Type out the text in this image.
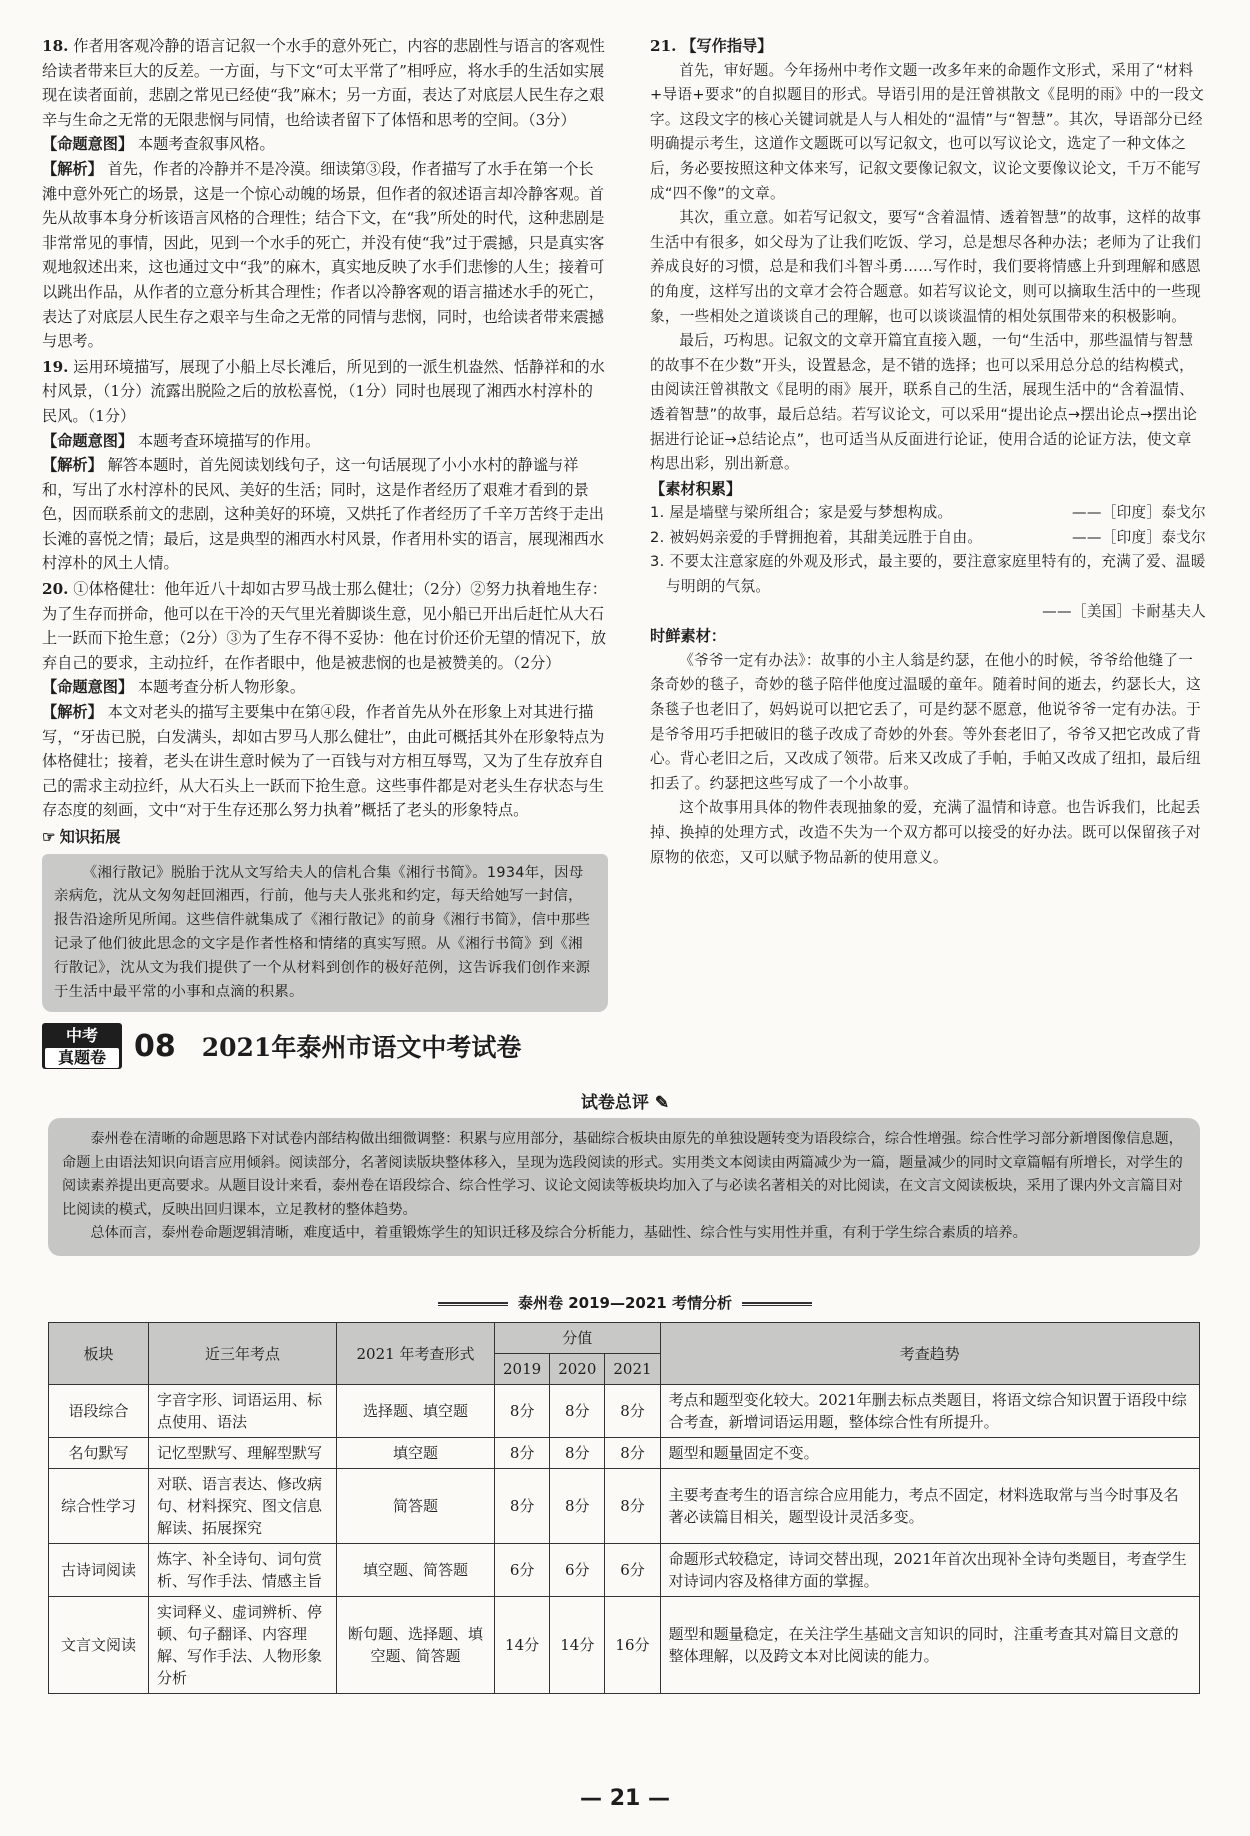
18. 作者用客观冷静的语言记叙一个水手的意外死亡，内容的悲剧性与语言的客观性给读者带来巨大的反差。一方面，与下文“可太平常了”相呼应，将水手的生活如实展现在读者面前，悲剧之常见已经使“我”麻木；另一方面，表达了对底层人民生存之艰辛与生命之无常的无限悲悯与同情，也给读者留下了体悟和思考的空间。（3分）
【命题意图】 本题考查叙事风格。
【解析】 首先，作者的冷静并不是冷漠。细读第③段，作者描写了水手在第一个长滩中意外死亡的场景，这是一个惊心动魄的场景，但作者的叙述语言却冷静客观。首先从故事本身分析该语言风格的合理性；结合下文，在“我”所处的时代，这种悲剧是非常常见的事情，因此，见到一个水手的死亡，并没有使“我”过于震撼，只是真实客观地叙述出来，这也通过文中“我”的麻木，真实地反映了水手们悲惨的人生；接着可以跳出作品，从作者的立意分析其合理性；作者以冷静客观的语言描述水手的死亡，表达了对底层人民生存之艰辛与生命之无常的同情与悲悯，同时，也给读者带来震撼与思考。
19. 运用环境描写，展现了小船上尽长滩后，所见到的一派生机盎然、恬静祥和的水村风景，（1分）流露出脱险之后的放松喜悦，（1分）同时也展现了湘西水村淳朴的民风。（1分）
【命题意图】 本题考查环境描写的作用。
【解析】 解答本题时，首先阅读划线句子，这一句话展现了小小水村的静谧与祥和，写出了水村淳朴的民风、美好的生活；同时，这是作者经历了艰难才看到的景色，因而联系前文的悲剧，这种美好的环境，又烘托了作者经历了千辛万苦终于走出长滩的喜悦之情；最后，这是典型的湘西水村风景，作者用朴实的语言，展现湘西水村淳朴的风土人情。
20. ①体格健壮：他年近八十却如古罗马战士那么健壮；（2分）②努力执着地生存：为了生存而拼命，他可以在干冷的天气里光着脚谈生意，见小船已开出后赶忙从大石上一跃而下抢生意；（2分）③为了生存不得不妥协：他在讨价还价无望的情况下，放弃自己的要求，主动拉纤，在作者眼中，他是被悲悯的也是被赞美的。（2分）
【命题意图】 本题考查分析人物形象。
【解析】 本文对老头的描写主要集中在第④段，作者首先从外在形象上对其进行描写，“牙齿已脱，白发满头，却如古罗马人那么健壮”，由此可概括其外在形象特点为体格健壮；接着，老头在讲生意时候为了一百钱与对方相互辱骂，又为了生存放弃自己的需求主动拉纤，从大石头上一跃而下抢生意。这些事件都是对老头生存状态与生存态度的刻画，文中“对于生存还那么努力执着”概括了老头的形象特点。
☞ 知识拓展
《湘行散记》脱胎于沈从文写给夫人的信札合集《湘行书简》。1934年，因母亲病危，沈从文匆匆赶回湘西，行前，他与夫人张兆和约定，每天给她写一封信，报告沿途所见所闻。这些信件就集成了《湘行散记》的前身《湘行书简》，信中那些记录了他们彼此思念的文字是作者性格和情绪的真实写照。从《湘行书简》到《湘行散记》，沈从文为我们提供了一个从材料到创作的极好范例，这告诉我们创作来源于生活中最平常的小事和点滴的积累。
21. 【写作指导】
首先，审好题。今年扬州中考作文题一改多年来的命题作文形式，采用了“材料+导语+要求”的自拟题目的形式。导语引用的是汪曾祺散文《昆明的雨》中的一段文字。这段文字的核心关键词就是人与人相处的“温情”与“智慧”。其次，导语部分已经明确提示考生，这道作文题既可以写记叙文，也可以写议论文，选定了一种文体之后，务必要按照这种文体来写，记叙文要像记叙文，议论文要像议论文，千万不能写成“四不像”的文章。
其次，重立意。如若写记叙文，要写“含着温情、透着智慧”的故事，这样的故事生活中有很多，如父母为了让我们吃饭、学习，总是想尽各种办法；老师为了让我们养成良好的习惯，总是和我们斗智斗勇……写作时，我们要将情感上升到理解和感恩的角度，这样写出的文章才会符合题意。如若写议论文，则可以摘取生活中的一些现象，一些相处之道谈谈自己的理解，也可以谈谈温情的相处氛围带来的积极影响。
最后，巧构思。记叙文的文章开篇宜直接入题，一句“生活中，那些温情与智慧的故事不在少数”开头，设置悬念，是不错的选择；也可以采用总分总的结构模式，由阅读汪曾祺散文《昆明的雨》展开，联系自己的生活，展现生活中的“含着温情、透着智慧”的故事，最后总结。若写议论文，可以采用“提出论点→摆出论点→摆出论据进行论证→总结论点”，也可适当从反面进行论证，使用合适的论证方法，使文章构思出彩，别出新意。
【素材积累】
1. 屋是墙壁与梁所组合；家是爱与梦想构成。	——［印度］泰戈尔
2. 被妈妈亲爱的手臂拥抱着，其甜美远胜于自由。	——［印度］泰戈尔
3. 不要太注意家庭的外观及形式，最主要的，要注意家庭里特有的，充满了爱、温暖与明朗的气氛。
——［美国］卡耐基夫人
时鲜素材：
《爷爷一定有办法》：故事的小主人翁是约瑟，在他小的时候，爷爷给他缝了一条奇妙的毯子，奇妙的毯子陪伴他度过温暖的童年。随着时间的逝去，约瑟长大，这条毯子也老旧了，妈妈说可以把它丢了，可是约瑟不愿意，他说爷爷一定有办法。于是爷爷用巧手把破旧的毯子改成了奇妙的外套。等外套老旧了，爷爷又把它改成了背心。背心老旧之后，又改成了领带。后来又改成了手帕，手帕又改成了纽扣，最后纽扣丢了。约瑟把这些写成了一个小故事。
这个故事用具体的物件表现抽象的爱，充满了温情和诗意。也告诉我们，比起丢掉、换掉的处理方式，改造不失为一个双方都可以接受的好办法。既可以保留孩子对原物的依恋，又可以赋予物品新的使用意义。
中考
真题卷 08 2021年泰州市语文中考试卷
试卷总评 ✎
泰州卷在清晰的命题思路下对试卷内部结构做出细微调整：积累与应用部分，基础综合板块由原先的单独设题转变为语段综合，综合性增强。综合性学习部分新增图像信息题，命题上由语法知识向语言应用倾斜。阅读部分，名著阅读版块整体移入，呈现为选段阅读的形式。实用类文本阅读由两篇减少为一篇，题量减少的同时文章篇幅有所增长，对学生的阅读素养提出更高要求。从题目设计来看，泰州卷在语段综合、综合性学习、议论文阅读等板块均加入了与必读名著相关的对比阅读，在文言文阅读板块，采用了课内外文言篇目对比阅读的模式，反映出回归课本，立足教材的整体趋势。
总体而言，泰州卷命题逻辑清晰，难度适中，着重锻炼学生的知识迁移及综合分析能力，基础性、综合性与实用性并重，有利于学生综合素质的培养。
泰州卷 2019—2021 考情分析
板块	近三年考点	2021 年考查形式	分值			考查趋势
			2019	2020	2021	
语段综合	字音字形、词语运用、标点使用、语法	选择题、填空题	8分	8分	8分	考点和题型变化较大。2021年删去标点类题目，将语文综合知识置于语段中综合考查，新增词语运用题，整体综合性有所提升。
名句默写	记忆型默写、理解型默写	填空题	8分	8分	8分	题型和题量固定不变。
综合性学习	对联、语言表达、修改病句、材料探究、图文信息解读、拓展探究	简答题	8分	8分	8分	主要考查考生的语言综合应用能力，考点不固定，材料选取常与当今时事及名著必读篇目相关，题型设计灵活多变。
古诗词阅读	炼字、补全诗句、词句赏析、写作手法、情感主旨	填空题、简答题	6分	6分	6分	命题形式较稳定，诗词交替出现，2021年首次出现补全诗句类题目，考查学生对诗词内容及格律方面的掌握。
文言文阅读	实词释义、虚词辨析、停顿、句子翻译、内容理解、写作手法、人物形象分析	断句题、选择题、填空题、简答题	14分	14分	16分	题型和题量稳定，在关注学生基础文言知识的同时，注重考查其对篇目文意的整体理解，以及跨文本对比阅读的能力。
— 21 —
